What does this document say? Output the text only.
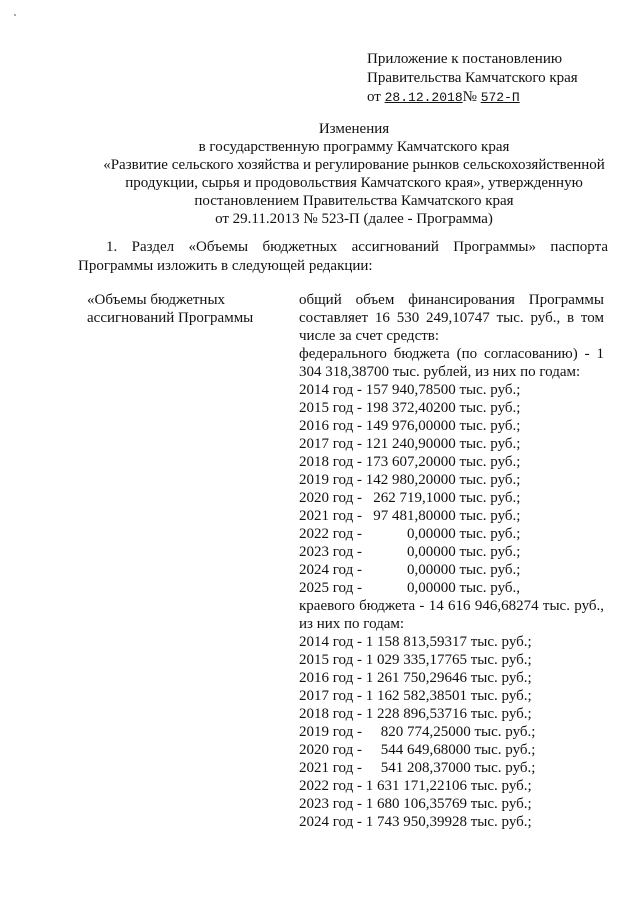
Приложение к постановлению
Правительства Камчатского края
от 28.12.2018№ 572-П
Изменения
в государственную программу Камчатского края
«Развитие сельского хозяйства и регулирование рынков сельскохозяйственной
продукции, сырья и продовольствия Камчатского края», утвержденную
постановлением Правительства Камчатского края
от 29.11.2013 № 523-П (далее - Программа)
1. Раздел «Объемы бюджетных ассигнований Программы» паспорта Программы изложить в следующей редакции:
«Объемы бюджетных
ассигнований Программы
общий объем финансирования Программы составляет 16 530 249,10747 тыс. руб., в том числе за счет средств:
федерального бюджета (по согласованию) - 1 304 318,38700 тыс. рублей, из них по годам:
2014 год - 157 940,78500 тыс. руб.;
2015 год - 198 372,40200 тыс. руб.;
2016 год - 149 976,00000 тыс. руб.;
2017 год - 121 240,90000 тыс. руб.;
2018 год - 173 607,20000 тыс. руб.;
2019 год - 142 980,20000 тыс. руб.;
2020 год -   262 719,1000 тыс. руб.;
2021 год -   97 481,80000 тыс. руб.;
2022 год -            0,00000 тыс. руб.;
2023 год -            0,00000 тыс. руб.;
2024 год -            0,00000 тыс. руб.;
2025 год -            0,00000 тыс. руб.,
краевого бюджета - 14 616 946,68274 тыс. руб., из них по годам:
2014 год - 1 158 813,59317 тыс. руб.;
2015 год - 1 029 335,17765 тыс. руб.;
2016 год - 1 261 750,29646 тыс. руб.;
2017 год - 1 162 582,38501 тыс. руб.;
2018 год - 1 228 896,53716 тыс. руб.;
2019 год -     820 774,25000 тыс. руб.;
2020 год -     544 649,68000 тыс. руб.;
2021 год -     541 208,37000 тыс. руб.;
2022 год - 1 631 171,22106 тыс. руб.;
2023 год - 1 680 106,35769 тыс. руб.;
2024 год - 1 743 950,39928 тыс. руб.;
